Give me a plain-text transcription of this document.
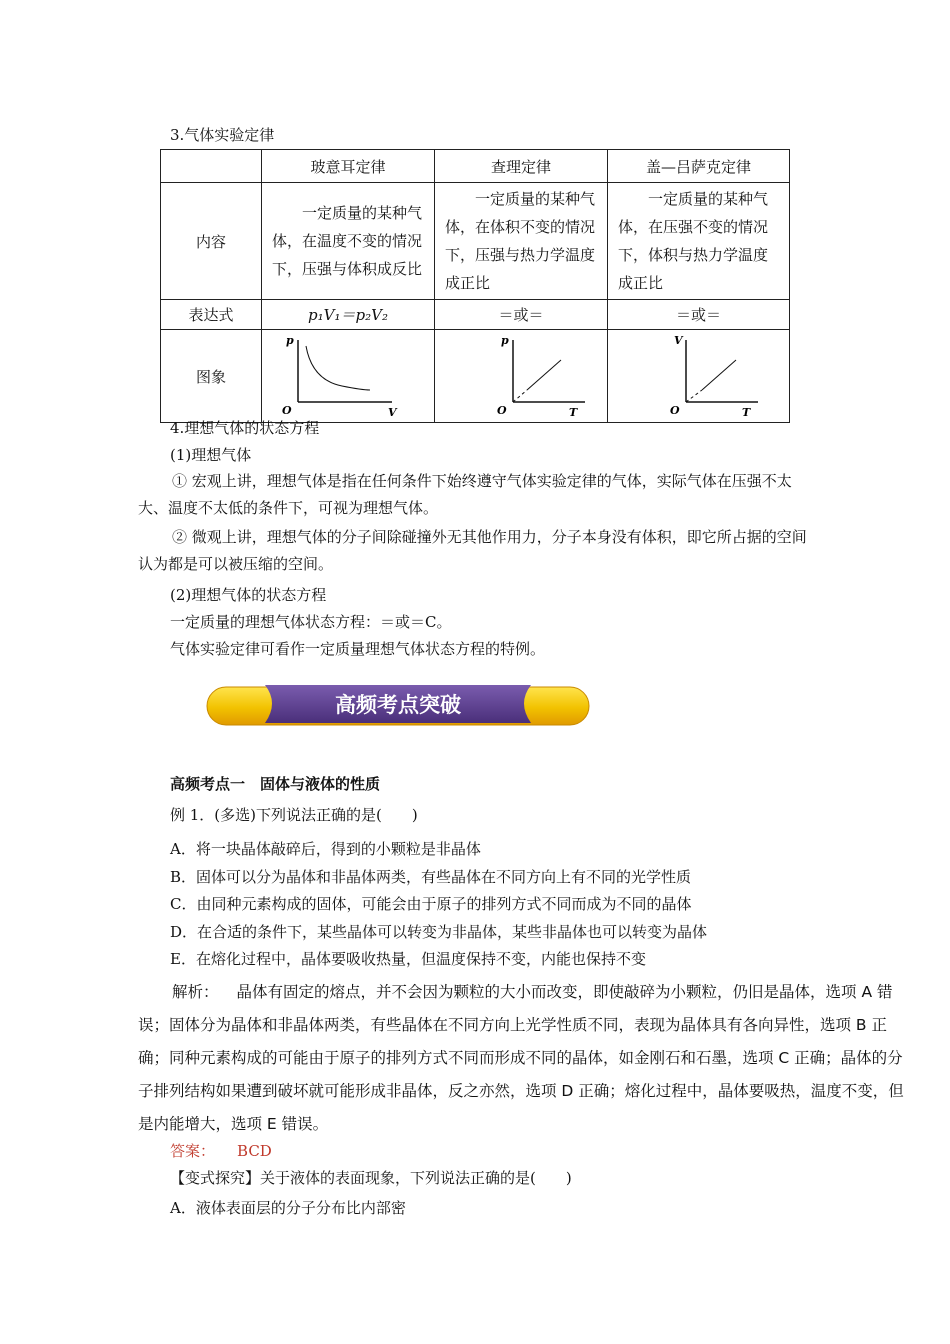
3.气体实验定律
	玻意耳定律	查理定律	盖—吕萨克定律
内容	一定质量的某种气体，在温度不变的情况下，压强与体积成反比	一定质量的某种气体，在体积不变的情况下，压强与热力学温度成正比	一定质量的某种气体，在压强不变的情况下，体积与热力学温度成正比
表达式	p₁V₁＝p₂V₂	＝或＝	＝或＝
图象	p
O V	p
O T	V
O T
4.理想气体的状态方程
(1)理想气体
① 宏观上讲，理想气体是指在任何条件下始终遵守气体实验定律的气体，实际气体在压强不太大、温度不太低的条件下，可视为理想气体。
② 微观上讲，理想气体的分子间除碰撞外无其他作用力，分子本身没有体积，即它所占据的空间认为都是可以被压缩的空间。
(2)理想气体的状态方程
一定质量的理想气体状态方程：＝或＝C。
气体实验定律可看作一定质量理想气体状态方程的特例。
高频考点突破
高频考点一　固体与液体的性质
例 1．(多选)下列说法正确的是(　　)
A．将一块晶体敲碎后，得到的小颗粒是非晶体
B．固体可以分为晶体和非晶体两类，有些晶体在不同方向上有不同的光学性质
C．由同种元素构成的固体，可能会由于原子的排列方式不同而成为不同的晶体
D．在合适的条件下，某些晶体可以转变为非晶体，某些非晶体也可以转变为晶体
E．在熔化过程中，晶体要吸收热量，但温度保持不变，内能也保持不变
解析： 晶体有固定的熔点，并不会因为颗粒的大小而改变，即使敲碎为小颗粒，仍旧是晶体，选项 A 错误；固体分为晶体和非晶体两类，有些晶体在不同方向上光学性质不同，表现为晶体具有各向异性，选项 B 正确；同种元素构成的可能由于原子的排列方式不同而形成不同的晶体，如金刚石和石墨，选项 C 正确；晶体的分子排列结构如果遭到破坏就可能形成非晶体，反之亦然，选项 D 正确；熔化过程中，晶体要吸热，温度不变，但是内能增大，选项 E 错误。
答案： BCD
【变式探究】关于液体的表面现象，下列说法正确的是(　　)
A．液体表面层的分子分布比内部密
